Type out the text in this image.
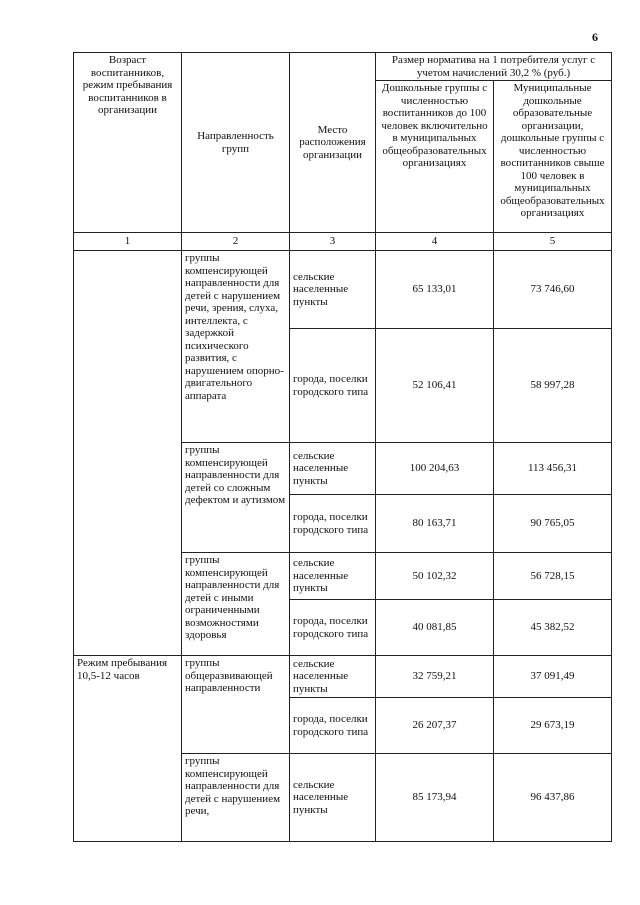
6
Возраст воспитанников, режим пребывания воспитанников в организации	Направленность групп	Место расположения организации	Размер норматива на 1 потребителя услуг с учетом начислений 30,2 % (руб.)	
			Дошкольные группы с численностью воспитанников до 100 человек включительно в муниципальных общеобразовательных организациях	Муниципальные дошкольные образовательные организации, дошкольные группы с численностью воспитанников свыше 100 человек в муниципальных общеобразовательных организациях
1	2	3	4	5
	группы компенсирующей направленности для детей с нарушением речи, зрения, слуха, интеллекта, с задержкой психического развития, с нарушением опорно-двигательного аппарата	сельские населенные пункты	65 133,01	73 746,60
		города, поселки городского типа	52 106,41	58 997,28
	группы компенсирующей направленности для детей со сложным дефектом и аутизмом	сельские населенные пункты	100 204,63	113 456,31
		города, поселки городского типа	80 163,71	90 765,05
	группы компенсирующей направленности для детей с иными ограниченными возможностями здоровья	сельские населенные пункты	50 102,32	56 728,15
		города, поселки городского типа	40 081,85	45 382,52
Режим пребывания 10,5-12 часов	группы общеразвивающей направленности	сельские населенные пункты	32 759,21	37 091,49
		города, поселки городского типа	26 207,37	29 673,19
	группы компенсирующей направленности для детей с нарушением речи,	сельские населенные пункты	85 173,94	96 437,86
